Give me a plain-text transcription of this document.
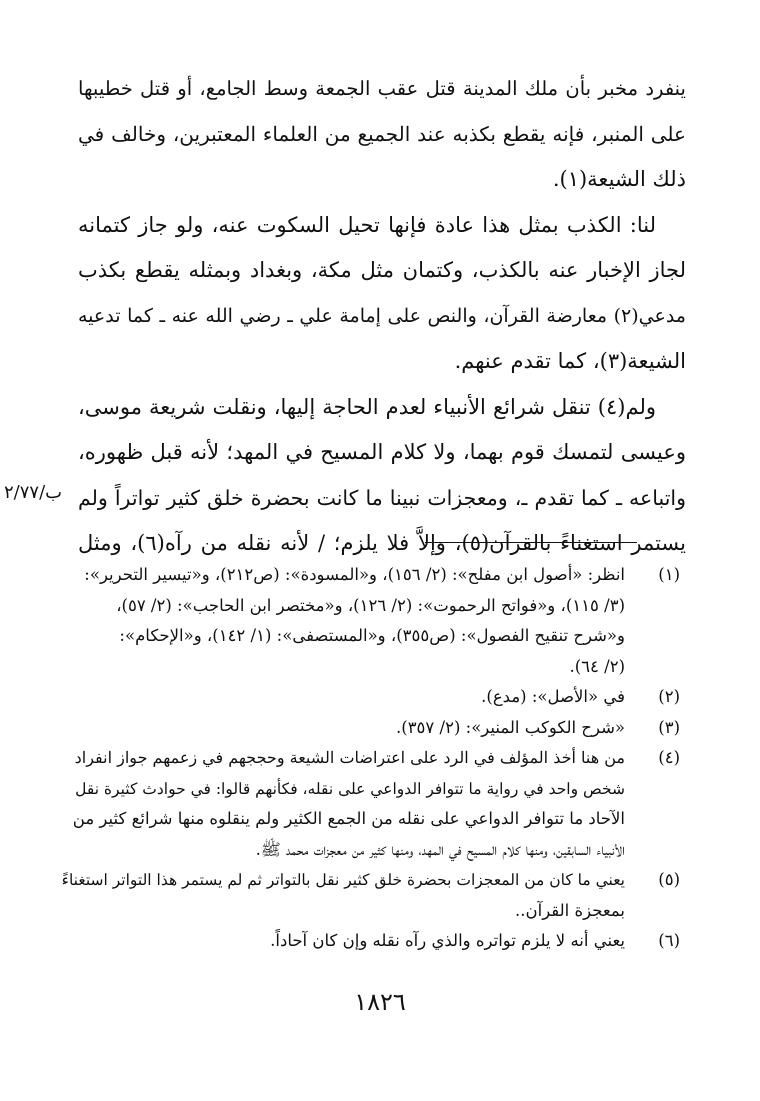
ينفرد مخبر بأن ملك المدينة قتل عقب الجمعة وسط الجامع، أو قتل خطيبها
على المنبر، فإنه يقطع بكذبه عند الجميع من العلماء المعتبرين، وخالف في
ذلك الشيعة(١).
لنا: الكذب بمثل هذا عادة فإنها تحيل السكوت عنه، ولو جاز كتمانه
لجاز الإخبار عنه بالكذب، وكتمان مثل مكة، وبغداد وبمثله يقطع بكذب
مدعي(٢) معارضة القرآن، والنص على إمامة علي ـ رضي الله عنه ـ كما تدعيه
الشيعة(٣)، كما تقدم عنهم.
ولم(٤) تنقل شرائع الأنبياء لعدم الحاجة إليها، ونقلت شريعة موسى،
وعيسى لتمسك قوم بهما، ولا كلام المسيح في المهد؛ لأنه قبل ظهوره،
واتباعه ـ كما تقدم ـ، ومعجزات نبينا ما كانت بحضرة خلق كثير تواتراً ولم
يستمر استغناءً بالقرآن(٥)، وإلاَّ فلا يلزم؛ / لأنه نقله من رآه(٦)، ومثل
ب/٢/٧٧
(١)
انظر: «أصول ابن مفلح»: (٢/ ١٥٦)، و«المسودة»: (ص٢١٢)، و«تيسير التحرير»:
(٣/ ١١٥)، و«فواتح الرحموت»: (٢/ ١٢٦)، و«مختصر ابن الحاجب»: (٢/ ٥٧)،
و«شرح تنقيح الفصول»: (ص٣٥٥)، و«المستصفى»: (١/ ١٤٢)، و«الإحكام»:
(٢/ ٦٤).
(٢)
في «الأصل»: (مدع).
(٣)
«شرح الكوكب المنير»: (٢/ ٣٥٧).
(٤)
من هنا أخذ المؤلف في الرد على اعتراضات الشيعة وحججهم في زعمهم جواز انفراد
شخص واحد في رواية ما تتوافر الدواعي على نقله، فكأنهم قالوا: في حوادث كثيرة نقل
الآحاد ما تتوافر الدواعي على نقله من الجمع الكثير ولم ينقلوه منها شرائع كثير من
الأنبياء السابقين، ومنها كلام المسيح في المهد، ومنها كثير من معجزات محمد ﷺ.
(٥)
يعني ما كان من المعجزات بحضرة خلق كثير نقل بالتواتر ثم لم يستمر هذا التواتر استغناءً
بمعجزة القرآن..
(٦)
يعني أنه لا يلزم تواتره والذي رآه نقله وإن كان آحاداً.
١٨٢٦
